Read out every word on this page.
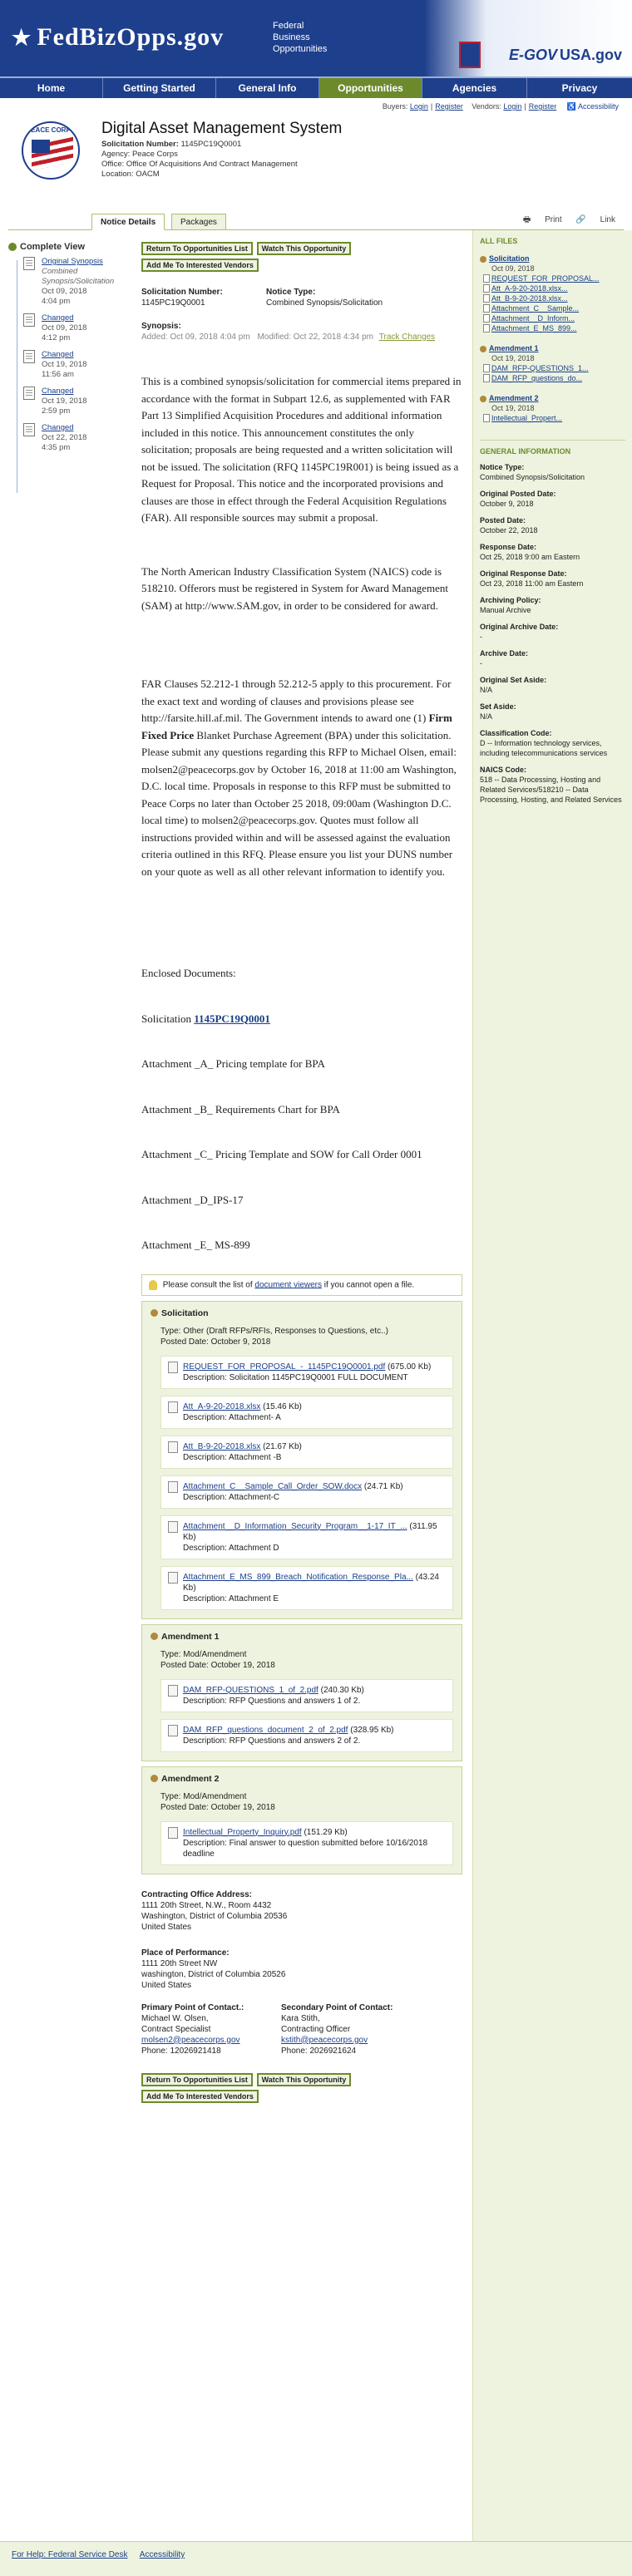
★ FedBizOpps.gov	Federal
Business
Opportunities	E-GOV USA.gov
Home	Getting Started	General Info	Opportunities	Agencies	Privacy
Buyers: Login | Register Vendors: Login | Register ♿ Accessibility
PEACE CORPS Digital Asset Management System
Solicitation Number: 1145PC19Q0001
Agency: Peace Corps
Office: Office Of Acquisitions And Contract Management
Location: OACM
Notice Details	Packages	🖶 Print 🔗 Link
Complete View
Original Synopsis
Combined
Synopsis/Solicitation
Oct 09, 2018
4:04 pm
Changed
Oct 09, 2018
4:12 pm
Changed
Oct 19, 2018
11:56 am
Changed
Oct 19, 2018
2:59 pm
Changed
Oct 22, 2018
4:35 pm
Return To Opportunities List Watch This Opportunity
Add Me To Interested Vendors
Solicitation Number:
1145PC19Q0001
Notice Type:
Combined Synopsis/Solicitation
Synopsis:
Added: Oct 09, 2018 4:04 pm Modified: Oct 22, 2018 4:34 pm Track Changes
This is a combined synopsis/solicitation for commercial items prepared in accordance with the format in Subpart 12.6, as supplemented with FAR Part 13 Simplified Acquisition Procedures and additional information included in this notice. This announcement constitutes the only solicitation; proposals are being requested and a written solicitation will not be issued. The solicitation (RFQ 1145PC19R001) is being issued as a Request for Proposal. This notice and the incorporated provisions and clauses are those in effect through the Federal Acquisition Regulations (FAR). All responsible sources may submit a proposal.
The North American Industry Classification System (NAICS) code is 518210. Offerors must be registered in System for Award Management (SAM) at http://www.SAM.gov, in order to be considered for award.
FAR Clauses 52.212-1 through 52.212-5 apply to this procurement. For the exact text and wording of clauses and provisions please see http://farsite.hill.af.mil. The Government intends to award one (1) Firm Fixed Price Blanket Purchase Agreement (BPA) under this solicitation. Please submit any questions regarding this RFP to Michael Olsen, email: molsen2@peacecorps.gov by October 16, 2018 at 11:00 am Washington, D.C. local time. Proposals in response to this RFP must be submitted to Peace Corps no later than October 25 2018, 09:00am (Washington D.C. local time) to molsen2@peacecorps.gov. Quotes must follow all instructions provided within and will be assessed against the evaluation criteria outlined in this RFQ. Please ensure you list your DUNS number on your quote as well as all other relevant information to identify you.
Enclosed Documents:
Solicitation 1145PC19Q0001
Attachment _A_ Pricing template for BPA
Attachment _B_ Requirements Chart for BPA
Attachment _C_ Pricing Template and SOW for Call Order 0001
Attachment _D_IPS-17
Attachment _E_ MS-899
Please consult the list of document viewers if you cannot open a file.
Solicitation
Type: Other (Draft RFPs/RFIs, Responses to Questions, etc..)
Posted Date: October 9, 2018
REQUEST_FOR_PROPOSAL_-_1145PC19Q0001.pdf (675.00 Kb)
Description: Solicitation 1145PC19Q0001 FULL DOCUMENT
Att_A-9-20-2018.xlsx (15.46 Kb)
Description: Attachment- A
Att_B-9-20-2018.xlsx (21.67 Kb)
Description: Attachment -B
Attachment_C__Sample_Call_Order_SOW.docx (24.71 Kb)
Description: Attachment-C
Attachment__D_Information_Security_Program__1-17_IT_... (311.95 Kb)
Description: Attachment D
Attachment_E_MS_899_Breach_Notification_Response_Pla... (43.24 Kb)
Description: Attachment E
Amendment 1
Type: Mod/Amendment
Posted Date: October 19, 2018
DAM_RFP-QUESTIONS_1_of_2.pdf (240.30 Kb)
Description: RFP Questions and answers 1 of 2.
DAM_RFP_questions_document_2_of_2.pdf (328.95 Kb)
Description: RFP Questions and answers 2 of 2.
Amendment 2
Type: Mod/Amendment
Posted Date: October 19, 2018
Intellectual_Property_Inquiry.pdf (151.29 Kb)
Description: Final answer to question submitted before 10/16/2018 deadline
Contracting Office Address:
1111 20th Street, N.W., Room 4432
Washington, District of Columbia 20536
United States
Place of Performance:
1111 20th Street NW
washington, District of Columbia 20526
United States
Primary Point of Contact.:
Michael W. Olsen,
Contract Specialist
molsen2@peacecorps.gov
Phone: 12026921418
Secondary Point of Contact:
Kara Stith,
Contracting Officer
kstith@peacecorps.gov
Phone: 2026921624
Return To Opportunities List Watch This Opportunity
Add Me To Interested Vendors
ALL FILES
Solicitation
Oct 09, 2018
REQUEST_FOR_PROPOSAL...
Att_A-9-20-2018.xlsx...
Att_B-9-20-2018.xlsx...
Attachment_C__Sample...
Attachment__D_Inform...
Attachment_E_MS_899...
Amendment 1
Oct 19, 2018
DAM_RFP-QUESTIONS_1...
DAM_RFP_questions_do...
Amendment 2
Oct 19, 2018
Intellectual_Propert...
GENERAL INFORMATION
Notice Type:
Combined Synopsis/Solicitation
Original Posted Date:
October 9, 2018
Posted Date:
October 22, 2018
Response Date:
Oct 25, 2018 9:00 am Eastern
Original Response Date:
Oct 23, 2018 11:00 am Eastern
Archiving Policy:
Manual Archive
Original Archive Date:
-
Archive Date:
-
Original Set Aside:
N/A
Set Aside:
N/A
Classification Code:
D -- Information technology services, including telecommunications services
NAICS Code:
518 -- Data Processing, Hosting and Related Services/518210 -- Data Processing, Hosting, and Related Services
For Help: Federal Service Desk Accessibility
